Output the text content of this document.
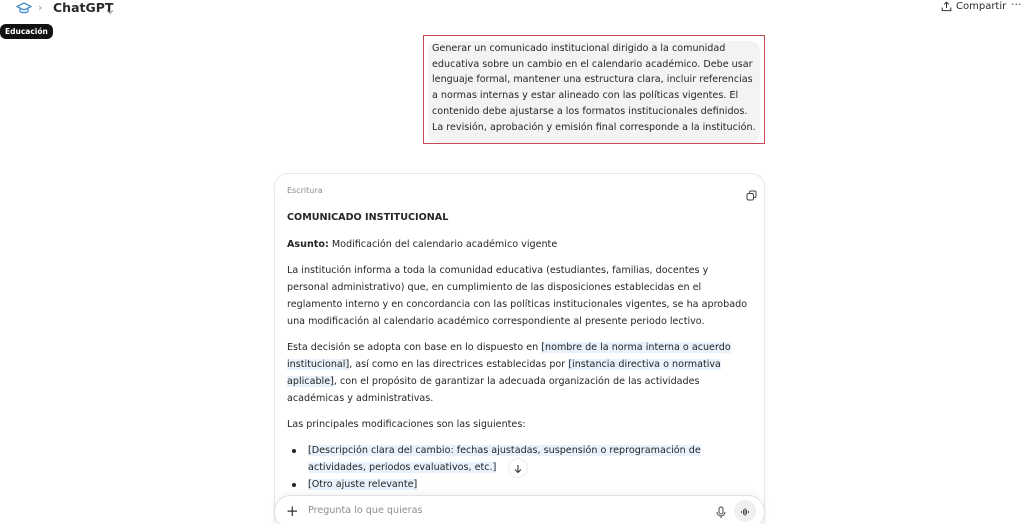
› ChatGPT	Compartir ···
Educación
Generar un comunicado institucional dirigido a la comunidad educativa sobre un cambio en el calendario académico. Debe usar lenguaje formal, mantener una estructura clara, incluir referencias a normas internas y estar alineado con las políticas vigentes. El contenido debe ajustarse a los formatos institucionales definidos. La revisión, aprobación y emisión final corresponde a la institución.
Escritura

COMUNICADO INSTITUCIONAL

Asunto: Modificación del calendario académico vigente

La institución informa a toda la comunidad educativa (estudiantes, familias, docentes y personal administrativo) que, en cumplimiento de las disposiciones establecidas en el reglamento interno y en concordancia con las políticas institucionales vigentes, se ha aprobado una modificación al calendario académico correspondiente al presente periodo lectivo.

Esta decisión se adopta con base en lo dispuesto en [nombre de la norma interna o acuerdo institucional], así como en las directrices establecidas por [instancia directiva o normativa aplicable], con el propósito de garantizar la adecuada organización de las actividades académicas y administrativas.

Las principales modificaciones son las siguientes:

[Descripción clara del cambio: fechas ajustadas, suspensión o reprogramación de actividades, periodos evaluativos, etc.]
[Otro ajuste relevante]
+
Pregunta lo que quieras
